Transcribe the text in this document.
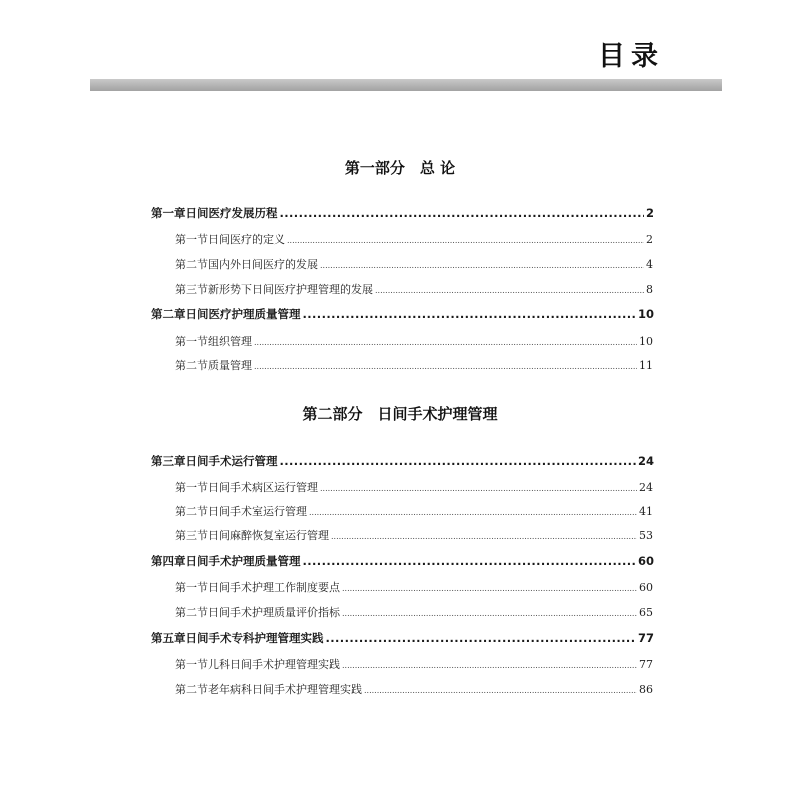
目录
第一部分　总 论
第一章 日间医疗发展历程 .....	2
第一节 日间医疗的定义 .....	2
第二节 国内外日间医疗的发展 .....	4
第三节 新形势下日间医疗护理管理的发展 .....	8
第二章 日间医疗护理质量管理 .....	10
第一节 组织管理 .....	10
第二节 质量管理 .....	11
第二部分　日间手术护理管理
第三章 日间手术运行管理 .....	24
第一节 日间手术病区运行管理 .....	24
第二节 日间手术室运行管理 .....	41
第三节 日间麻醉恢复室运行管理 .....	53
第四章 日间手术护理质量管理 .....	60
第一节 日间手术护理工作制度要点 .....	60
第二节 日间手术护理质量评价指标 .....	65
第五章 日间手术专科护理管理实践 .....	77
第一节 儿科日间手术护理管理实践 .....	77
第二节 老年病科日间手术护理管理实践 .....	86
